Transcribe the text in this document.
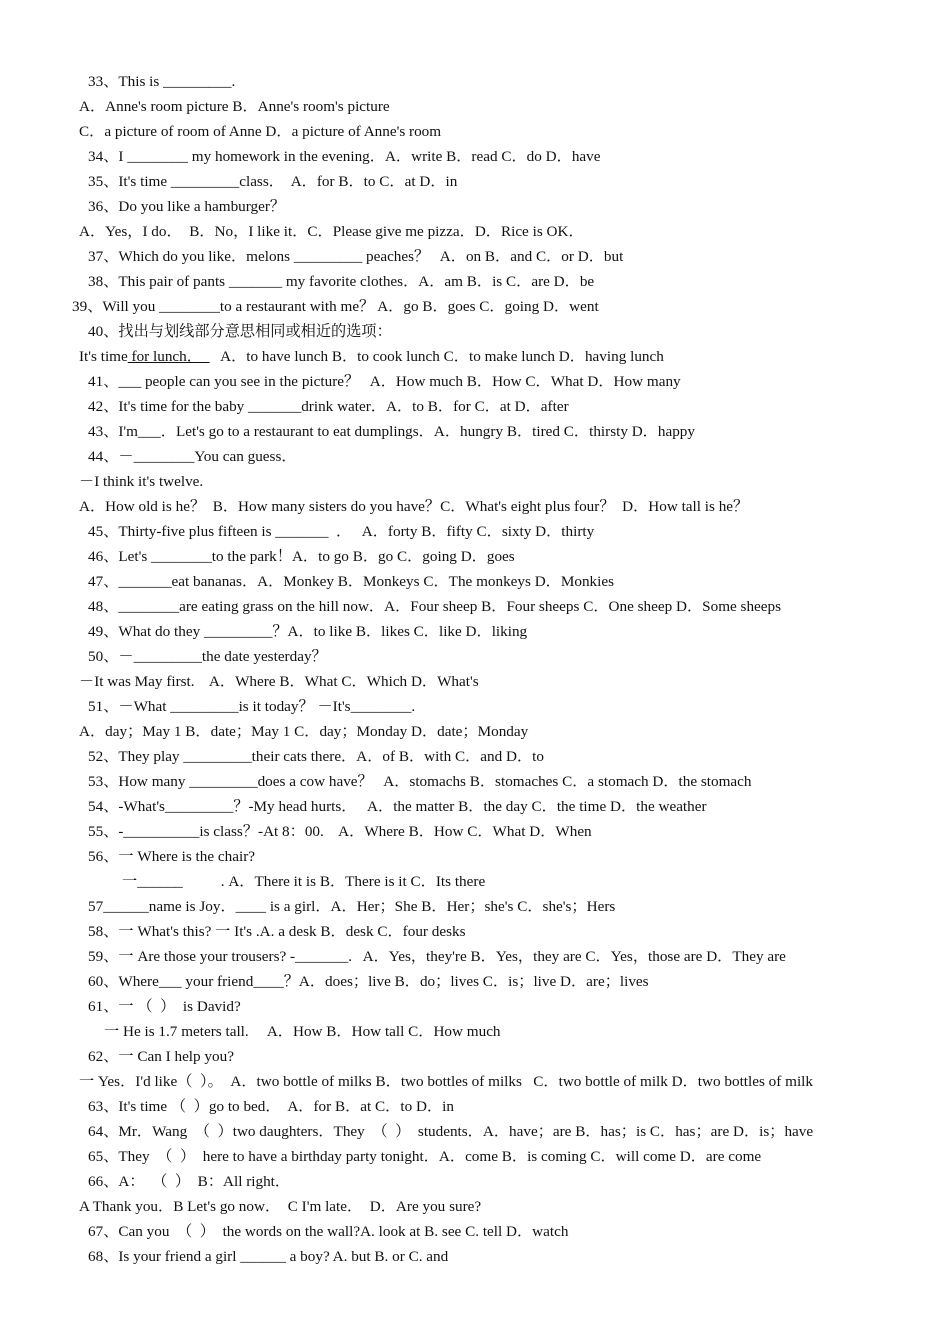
33、This is _________.
A．Anne's room picture B．Anne's room's picture
C．a picture of room of Anne D．a picture of Anne's room
34、I ________ my homework in the evening．A．write B．read C．do D．have
35、It's time _________class．  A．for B．to C．at D．in
36、Do you like a hamburger？
A．Yes，I do．  B．No，I like it．C．Please give me pizza．D．Rice is OK．
37、Which do you like．melons _________ peaches？   A．on B．and C．or D．but
38、This pair of pants _______ my favorite clothes．A．am B．is C．are D．be
39、Will you ________to a restaurant with me？ A．go B．goes C．going D．went
40、找出与划线部分意思相同或相近的选项：
It's time for lunch．     A．to have lunch B．to cook lunch C．to make lunch D．having lunch
41、___ people can you see in the picture？   A．How much B．How C．What D．How many
42、It's time for the baby _______drink water．A．to B．for C．at D．after
43、I'm___．Let's go to a restaurant to eat dumplings．A．hungry B．tired C．thirsty D．happy
44、－________You can guess．
－I think it's twelve.
A．How old is he？  B．How many sisters do you have？C．What's eight plus four？  D．How tall is he？
45、Thirty-five plus fifteen is _______  ．   A．forty B．fifty C．sixty D．thirty
46、Let's ________to the park！A．to go B．go C．going D．goes
47、_______eat bananas．A．Monkey B．Monkeys C．The monkeys D．Monkies
48、________are eating grass on the hill now．A．Four sheep B．Four sheeps C．One sheep D．Some sheeps
49、What do they _________？A．to like B．likes C．like D．liking
50、－_________the date yesterday？
－It was May first.    A．Where B．What C．Which D．What's
51、－What _________is it today？ －It's________.
A．day；May 1 B．date；May 1 C．day；Monday D．date；Monday
52、They play _________their cats there．A．of B．with C．and D．to
53、How many _________does a cow have？   A．stomachs B．stomaches C．a stomach D．the stomach
54、-What's_________？-My head hurts．   A．the matter B．the day C．the time D．the weather
55、-__________is class？-At 8：00.    A．Where B．How C．What D．When
56、一 Where is the chair?
一______          . A．There it is B．There is it C．Its there
57______name is Joy．____ is a girl．A．Her；She B．Her；she's C．she's；Hers
58、一 What's this? 一 It's .A. a desk B．desk C．four desks
59、一 Are those your trousers? -_______.   A．Yes，they're B．Yes，they are C．Yes，those are D．They are
60、Where___ your friend____？A．does；live B．do；lives C．is；live D．are；lives
61、一 （  ）  is David?
一 He is 1.7 meters tall.     A．How B．How tall C．How much
62、一 Can I help you?
一 Yes．I'd like（  ）。  A．two bottle of milks B．two bottles of milks   C．two bottle of milk D．two bottles of milk
63、It's time （  ）go to bed．  A．for B．at C．to D．in
64、Mr．Wang  （  ）two daughters．They  （  ）  students．A．have；are B．has；is C．has；are D．is；have
65、They  （  ）  here to have a birthday party tonight．A．come B．is coming C．will come D．are come
66、A：  （  ）  B：All right．
A Thank you．B Let's go now．  C I'm late．  D．Are you sure?
67、Can you  （  ）  the words on the wall?A. look at B. see C. tell D．watch
68、Is your friend a girl ______ a boy? A. but B. or C. and
